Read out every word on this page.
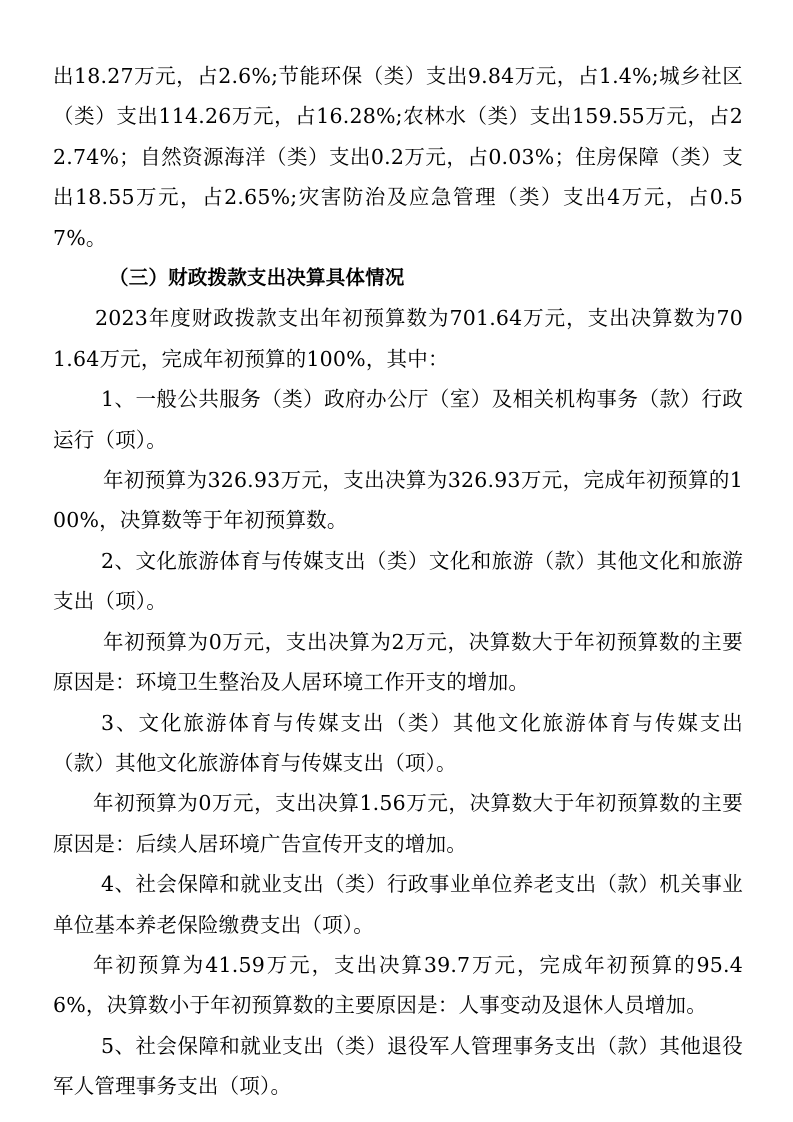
出18.27万元，占2.6%;节能环保（类）支出9.84万元，占1.4%;城乡社区（类）支出114.26万元，占16.28%;农林水（类）支出159.55万元，占22.74%；自然资源海洋（类）支出0.2万元，占0.03%；住房保障（类）支出18.55万元，占2.65%;灾害防治及应急管理（类）支出4万元，占0.57%。

（三）财政拨款支出决算具体情况

2023年度财政拨款支出年初预算数为701.64万元，支出决算数为701.64万元，完成年初预算的100%，其中：

1、一般公共服务（类）政府办公厅（室）及相关机构事务（款）行政运行（项）。

年初预算为326.93万元，支出决算为326.93万元，完成年初预算的100%，决算数等于年初预算数。

2、文化旅游体育与传媒支出（类）文化和旅游（款）其他文化和旅游支出（项）。

年初预算为0万元，支出决算为2万元，决算数大于年初预算数的主要原因是：环境卫生整治及人居环境工作开支的增加。

3、文化旅游体育与传媒支出（类）其他文化旅游体育与传媒支出（款）其他文化旅游体育与传媒支出（项）。

年初预算为0万元，支出决算1.56万元，决算数大于年初预算数的主要原因是：后续人居环境广告宣传开支的增加。

4、社会保障和就业支出（类）行政事业单位养老支出（款）机关事业单位基本养老保险缴费支出（项）。

年初预算为41.59万元，支出决算39.7万元，完成年初预算的95.46%，决算数小于年初预算数的主要原因是：人事变动及退休人员增加。

5、社会保障和就业支出（类）退役军人管理事务支出（款）其他退役军人管理事务支出（项）。
